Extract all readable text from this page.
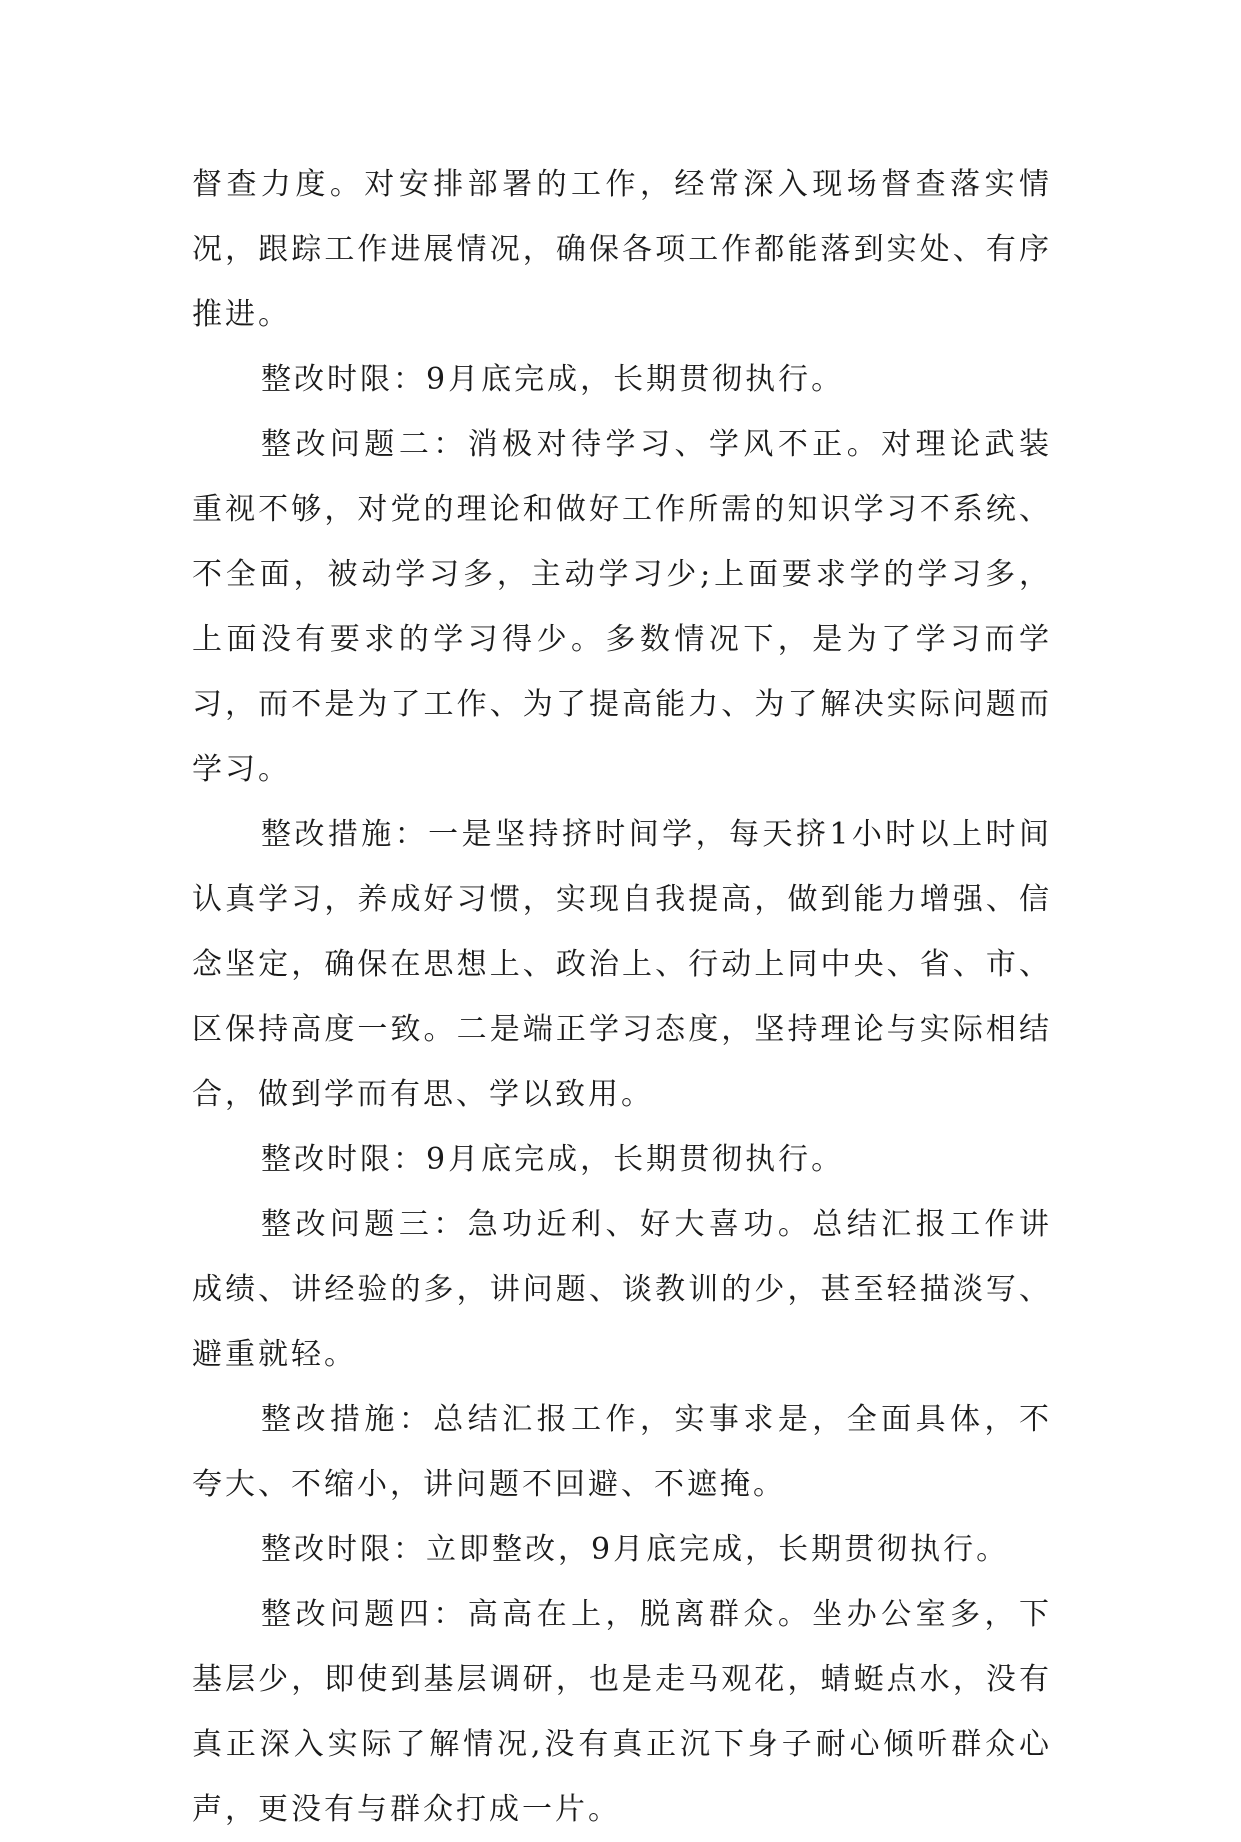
督查力度。对安排部署的工作，经常深入现场督查落实情况，跟踪工作进展情况，确保各项工作都能落到实处、有序推进。

整改时限：9月底完成，长期贯彻执行。

整改问题二：消极对待学习、学风不正。对理论武装重视不够，对党的理论和做好工作所需的知识学习不系统、不全面，被动学习多，主动学习少;上面要求学的学习多，上面没有要求的学习得少。多数情况下，是为了学习而学习，而不是为了工作、为了提高能力、为了解决实际问题而学习。

整改措施：一是坚持挤时间学，每天挤1小时以上时间认真学习，养成好习惯，实现自我提高，做到能力增强、信念坚定，确保在思想上、政治上、行动上同中央、省、市、区保持高度一致。二是端正学习态度，坚持理论与实际相结合，做到学而有思、学以致用。

整改时限：9月底完成，长期贯彻执行。

整改问题三：急功近利、好大喜功。总结汇报工作讲成绩、讲经验的多，讲问题、谈教训的少，甚至轻描淡写、避重就轻。

整改措施：总结汇报工作，实事求是，全面具体，不夸大、不缩小，讲问题不回避、不遮掩。

整改时限：立即整改，9月底完成，长期贯彻执行。

整改问题四：高高在上，脱离群众。坐办公室多，下基层少，即使到基层调研，也是走马观花，蜻蜓点水，没有真正深入实际了解情况,没有真正沉下身子耐心倾听群众心声，更没有与群众打成一片。
